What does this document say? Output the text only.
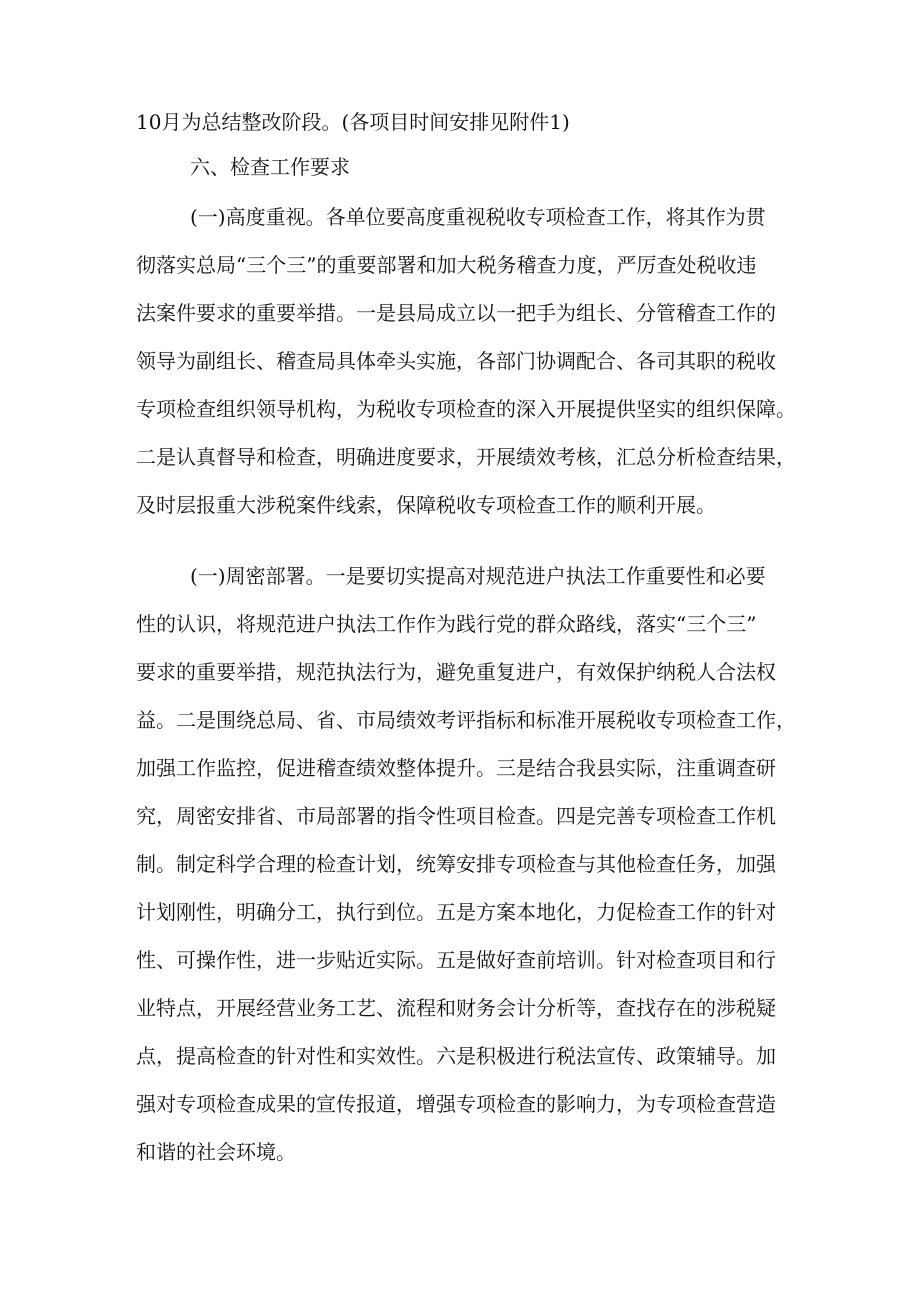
10月为总结整改阶段。(各项目时间安排见附件1)
六、检查工作要求
(一)高度重视。各单位要高度重视税收专项检查工作，将其作为贯
彻落实总局“三个三”的重要部署和加大税务稽查力度，严厉查处税收违
法案件要求的重要举措。一是县局成立以一把手为组长、分管稽查工作的
领导为副组长、稽查局具体牵头实施，各部门协调配合、各司其职的税收
专项检查组织领导机构，为税收专项检查的深入开展提供坚实的组织保障。
二是认真督导和检查，明确进度要求，开展绩效考核，汇总分析检查结果，
及时层报重大涉税案件线索，保障税收专项检查工作的顺利开展。
(一)周密部署。一是要切实提高对规范进户执法工作重要性和必要
性的认识，将规范进户执法工作作为践行党的群众路线，落实“三个三”
要求的重要举措，规范执法行为，避免重复进户，有效保护纳税人合法权
益。二是围绕总局、省、市局绩效考评指标和标准开展税收专项检查工作，
加强工作监控，促进稽查绩效整体提升。三是结合我县实际，注重调查研
究，周密安排省、市局部署的指令性项目检查。四是完善专项检查工作机
制。制定科学合理的检查计划，统筹安排专项检查与其他检查任务，加强
计划刚性，明确分工，执行到位。五是方案本地化，力促检查工作的针对
性、可操作性，进一步贴近实际。五是做好查前培训。针对检查项目和行
业特点，开展经营业务工艺、流程和财务会计分析等，查找存在的涉税疑
点，提高检查的针对性和实效性。六是积极进行税法宣传、政策辅导。加
强对专项检查成果的宣传报道，增强专项检查的影响力，为专项检查营造
和谐的社会环境。
